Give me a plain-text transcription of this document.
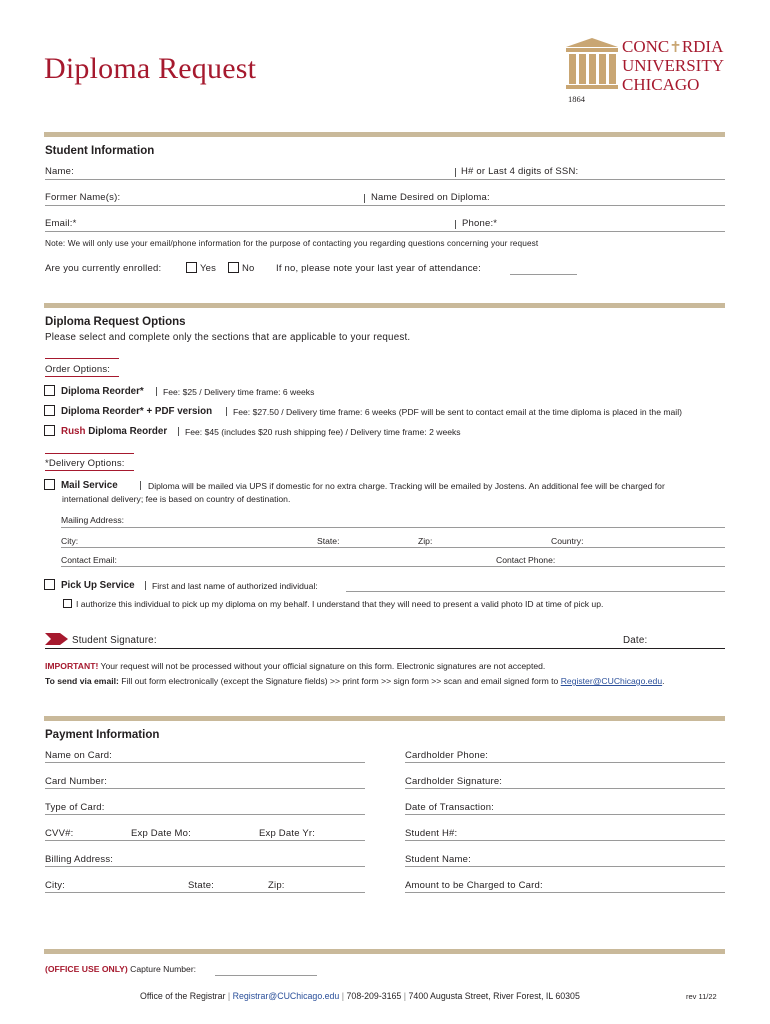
Diploma Request
CONC✝RDIA
UNIVERSITY
CHICAGO
1864
Student Information
Name:	H# or Last 4 digits of SSN:
Former Name(s):	Name Desired on Diploma:
Email:*	Phone:*
Note: We will only use your email/phone information for the purpose of contacting you regarding questions concerning your request
Are you currently enrolled:	Yes	No If no, please note your last year of attendance:
Diploma Request Options
Please select and complete only the sections that are applicable to your request.
Order Options:
Diploma Reorder* Fee: $25 / Delivery time frame: 6 weeks
Diploma Reorder* + PDF version Fee: $27.50 / Delivery time frame: 6 weeks (PDF will be sent to contact email at the time diploma is placed in the mail)
Rush Diploma Reorder Fee: $45 (includes $20 rush shipping fee) / Delivery time frame: 2 weeks
*Delivery Options:
Mail Service	Diploma will be mailed via UPS if domestic for no extra charge. Tracking will be emailed by Jostens. An additional fee will be charged for
international delivery; fee is based on country of destination.
Mailing Address:
City:	State:	Zip:	Country:
Contact Email:	Contact Phone:
Pick Up Service First and last name of authorized individual:
I authorize this individual to pick up my diploma on my behalf. I understand that they will need to present a valid photo ID at time of pick up.
Student Signature:	Date:
IMPORTANT! Your request will not be processed without your official signature on this form. Electronic signatures are not accepted.
To send via email: Fill out form electronically (except the Signature fields) >> print form >> sign form >> scan and email signed form to Register@CUChicago.edu.
Payment Information
Name on Card:	Cardholder Phone:
Card Number:	Cardholder Signature:
Type of Card:	Date of Transaction:
CVV#:	Exp Date Mo:	Exp Date Yr:	Student H#:
Billing Address:	Student Name:
City:	State:	Zip:	Amount to be Charged to Card:
(OFFICE USE ONLY) Capture Number:
Office of the Registrar | Registrar@CUChicago.edu | 708-209-3165 | 7400 Augusta Street, River Forest, IL 60305	rev 11/22
